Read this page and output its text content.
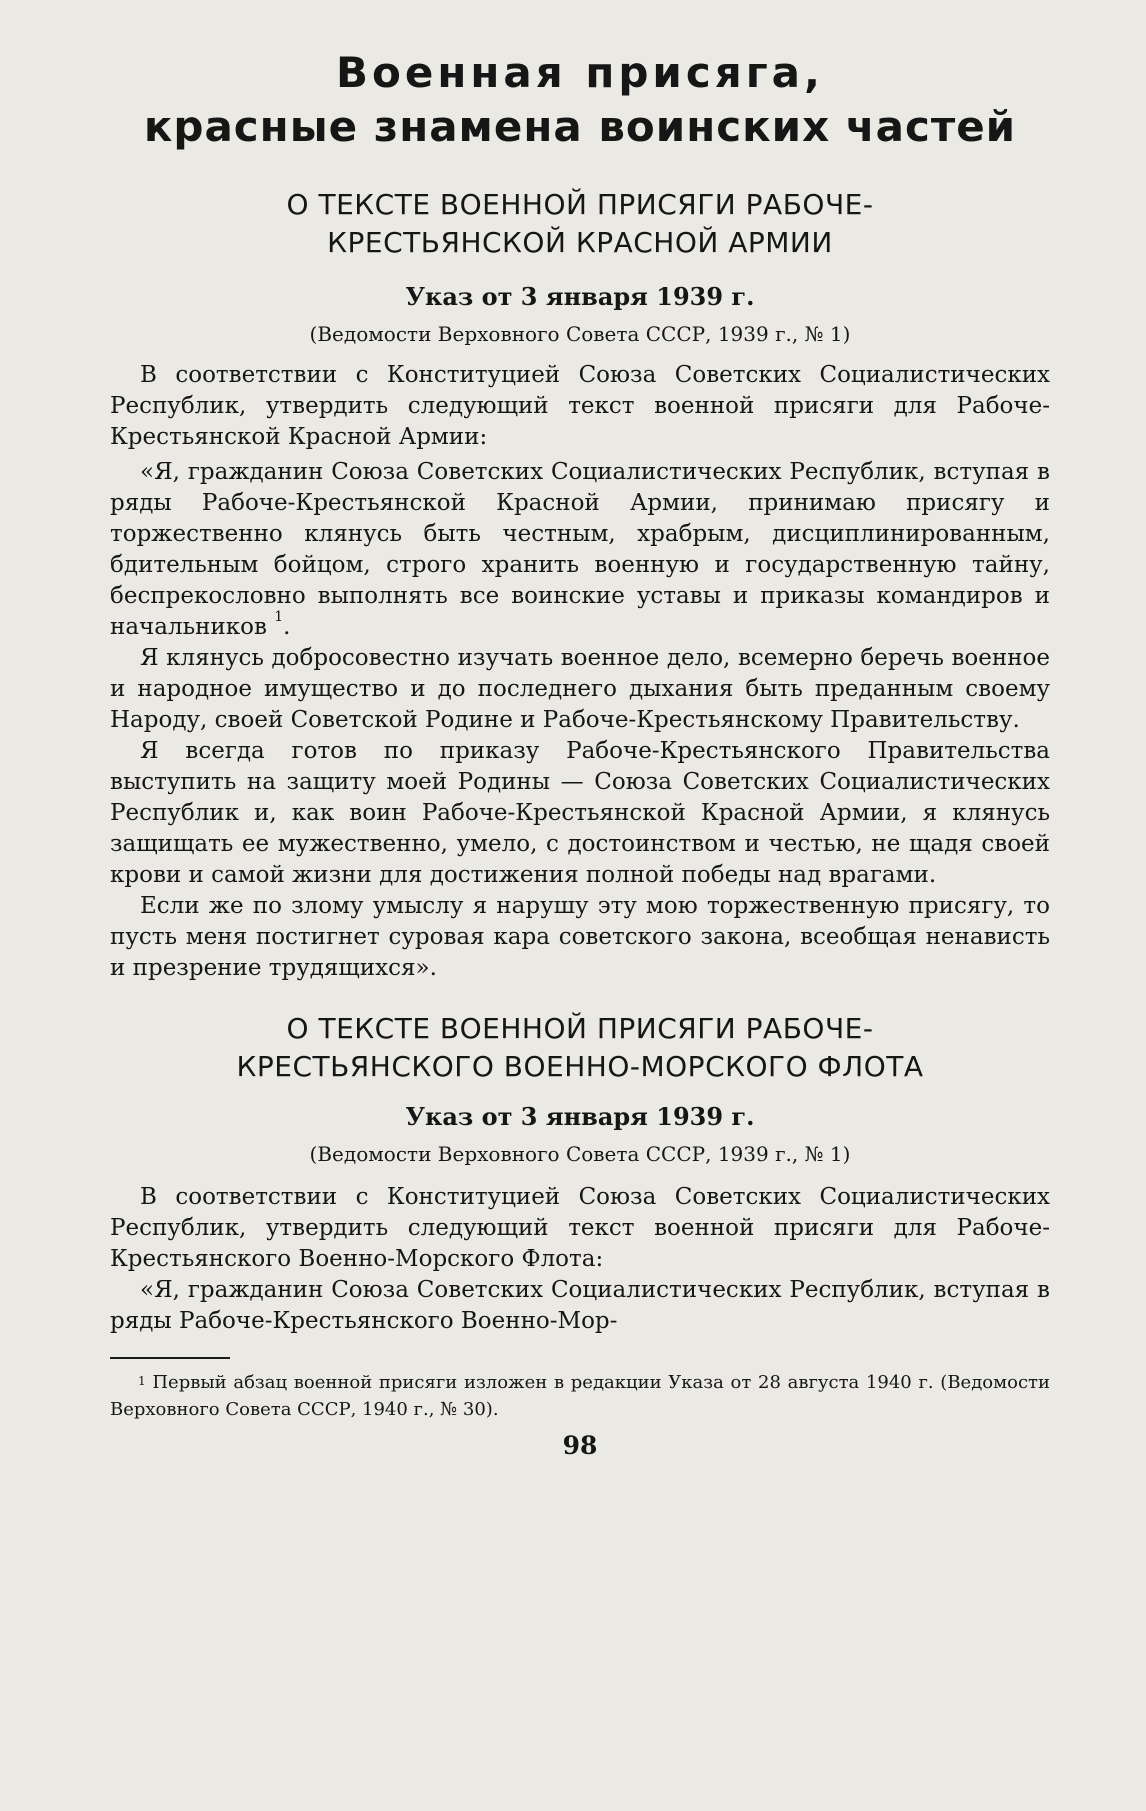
Военная присяга,
красные знамена воинских частей
О ТЕКСТЕ ВОЕННОЙ ПРИСЯГИ РАБОЧЕ-
КРЕСТЬЯНСКОЙ КРАСНОЙ АРМИИ

Указ от 3 января 1939 г.

(Ведомости Верховного Совета СССР, 1939 г., № 1)

В соответствии с Конституцией Союза Советских Социалистических Республик, утвердить следующий текст военной присяги для Рабоче-Крестьянской Красной Армии:

«Я, гражданин Союза Советских Социалистических Республик, вступая в ряды Рабоче-Крестьянской Красной Армии, принимаю присягу и торжественно клянусь быть честным, храбрым, дисциплинированным, бдительным бойцом, строго хранить военную и государственную тайну, беспрекословно выполнять все воинские уставы и приказы командиров и начальников $^1$.

Я клянусь добросовестно изучать военное дело, всемерно беречь военное и народное имущество и до последнего дыхания быть преданным своему Народу, своей Советской Родине и Рабоче-Крестьянскому Правительству.

Я всегда готов по приказу Рабоче-Крестьянского Правительства выступить на защиту моей Родины — Союза Советских Социалистических Республик и, как воин Рабоче-Крестьянской Красной Армии, я клянусь защищать ее мужественно, умело, с достоинством и честью, не щадя своей крови и самой жизни для достижения полной победы над врагами.

Если же по злому умыслу я нарушу эту мою торжественную присягу, то пусть меня постигнет суровая кара советского закона, всеобщая ненависть и презрение трудящихся».

О ТЕКСТЕ ВОЕННОЙ ПРИСЯГИ РАБОЧЕ-
КРЕСТЬЯНСКОГО ВОЕННО-МОРСКОГО ФЛОТА

Указ от 3 января 1939 г.

(Ведомости Верховного Совета СССР, 1939 г., № 1)

В соответствии с Конституцией Союза Советских Социалистических Республик, утвердить следующий текст военной присяги для Рабоче-Крестьянского Военно-Морского Флота:

«Я, гражданин Союза Советских Социалистических Республик, вступая в ряды Рабоче-Крестьянского Военно-Мор-

$^1$ Первый абзац военной присяги изложен в редакции Указа от 28 августа 1940 г. (Ведомости Верховного Совета СССР, 1940 г., № 30).

98
